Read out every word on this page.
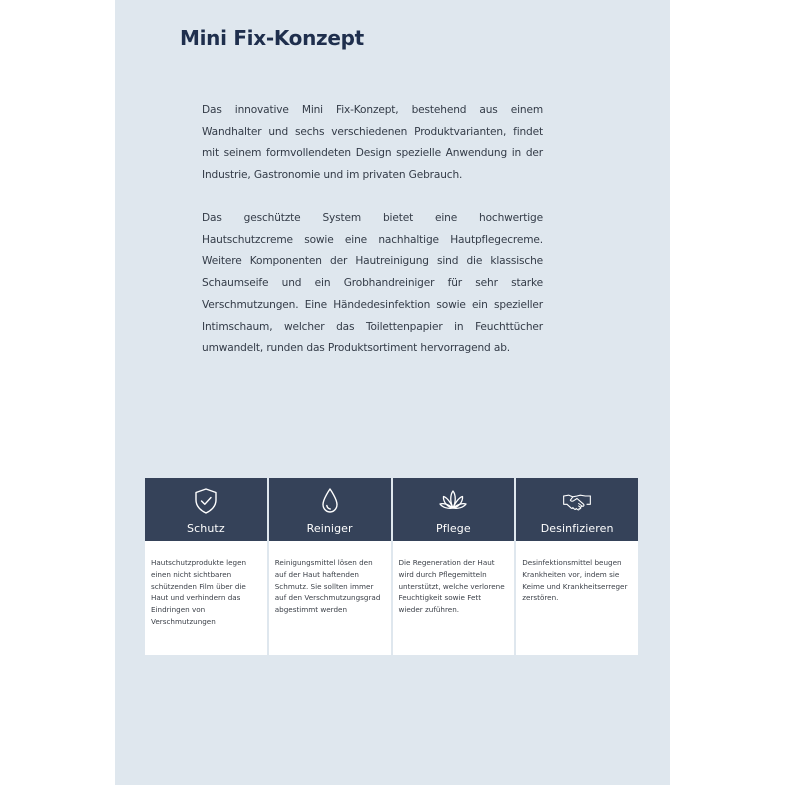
Mini Fix-Konzept

Das innovative Mini Fix-Konzept, bestehend aus einem Wandhalter und sechs verschiedenen Produktvarianten, findet mit seinem formvollendeten Design spezielle Anwendung in der Industrie, Gastronomie und im privaten Gebrauch.

Das geschützte System bietet eine hochwertige Hautschutzcreme sowie eine nachhaltige Hautpflegecreme. Weitere Komponenten der Hautreinigung sind die klassische Schaumseife und ein Grobhandreiniger für sehr starke Verschmutzungen. Eine Händedesinfektion sowie ein spezieller Intimschaum, welcher das Toilettenpapier in Feuchttücher umwandelt, runden das Produktsortiment hervorragend ab.

Schutz
Hautschutzprodukte legen einen nicht sichtbaren schützenden Film über die Haut und verhindern das Eindringen von Verschmutzungen
Reiniger
Reinigungsmittel lösen den auf der Haut haftenden Schmutz. Sie sollten immer auf den Verschmutzungsgrad abgestimmt werden
Pflege
Die Regeneration der Haut wird durch Pflegemitteln unterstützt, welche verlorene Feuchtigkeit sowie Fett wieder zuführen.
Desinfizieren
Desinfektionsmittel beugen Krankheiten vor, indem sie Keime und Krankheitserreger zerstören.
